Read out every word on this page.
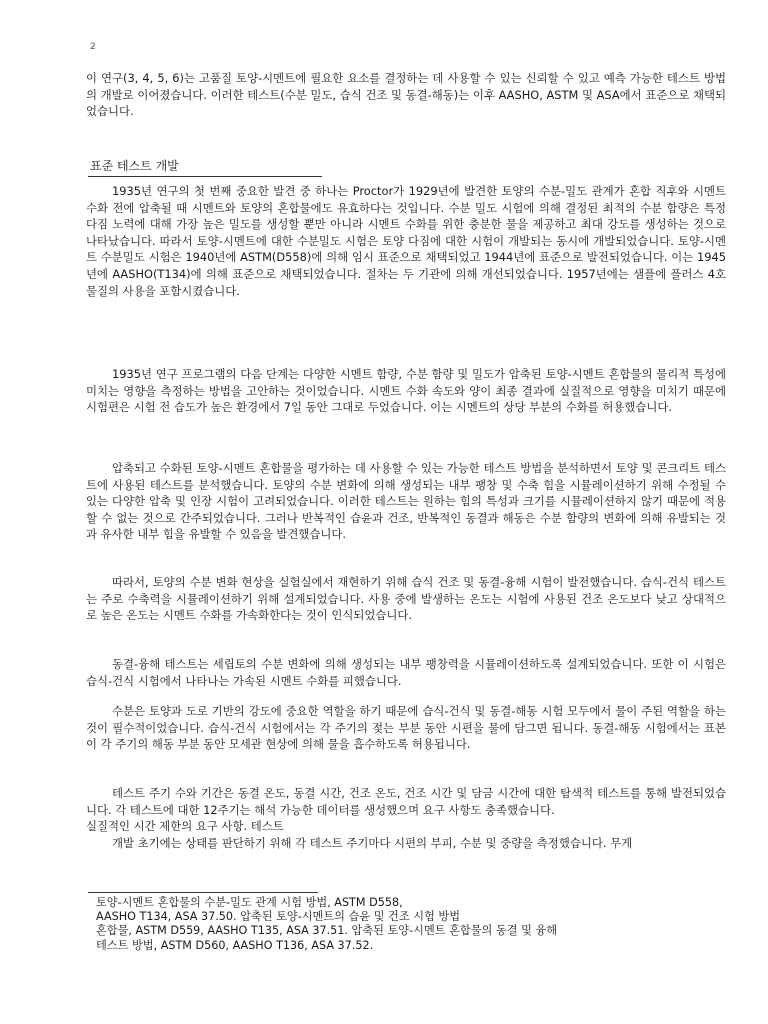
2

이 연구(3, 4, 5, 6)는 고품질 토양-시멘트에 필요한 요소를 결정하는 데 사용할 수 있는 신뢰할 수 있고 예측 가능한 테스트 방법의 개발로 이어졌습니다. 이러한 테스트(수분 밀도, 습식 건조 및 동결-해동)는 이후 AASHO, ASTM 및 ASA에서 표준으로 채택되었습니다.

표준 테스트 개발

1935년 연구의 첫 번째 중요한 발견 중 하나는 Proctor가 1929년에 발견한 토양의 수분-밀도 관계가 혼합 직후와 시멘트 수화 전에 압축될 때 시멘트와 토양의 혼합물에도 유효하다는 것입니다. 수분 밀도 시험에 의해 결정된 최적의 수분 함량은 특정 다짐 노력에 대해 가장 높은 밀도를 생성할 뿐만 아니라 시멘트 수화를 위한 충분한 물을 제공하고 최대 강도를 생성하는 것으로 나타났습니다. 따라서 토양-시멘트에 대한 수분밀도 시험은 토양 다짐에 대한 시험이 개발되는 동시에 개발되었습니다. 토양-시멘트 수분밀도 시험은 1940년에 ASTM(D558)에 의해 임시 표준으로 채택되었고 1944년에 표준으로 발전되었습니다. 이는 1945년에 AASHO(T134)에 의해 표준으로 채택되었습니다. 절차는 두 기관에 의해 개선되었습니다. 1957년에는 샘플에 플러스 4호 물질의 사용을 포함시켰습니다.

1935년 연구 프로그램의 다음 단계는 다양한 시멘트 함량, 수분 함량 및 밀도가 압축된 토양-시멘트 혼합물의 물리적 특성에 미치는 영향을 측정하는 방법을 고안하는 것이었습니다. 시멘트 수화 속도와 양이 최종 결과에 실질적으로 영향을 미치기 때문에 시험편은 시험 전 습도가 높은 환경에서 7일 동안 그대로 두었습니다. 이는 시멘트의 상당 부분의 수화를 허용했습니다.

압축되고 수화된 토양-시멘트 혼합물을 평가하는 데 사용할 수 있는 가능한 테스트 방법을 분석하면서 토양 및 콘크리트 테스트에 사용된 테스트를 분석했습니다. 토양의 수분 변화에 의해 생성되는 내부 팽창 및 수축 힘을 시뮬레이션하기 위해 수정될 수 있는 다양한 압축 및 인장 시험이 고려되었습니다. 이러한 테스트는 원하는 힘의 특성과 크기를 시뮬레이션하지 않기 때문에 적용할 수 없는 것으로 간주되었습니다. 그러나 반복적인 습윤과 건조, 반복적인 동결과 해동은 수분 함량의 변화에 의해 유발되는 것과 유사한 내부 힘을 유발할 수 있음을 발견했습니다.

따라서, 토양의 수분 변화 현상을 실험실에서 재현하기 위해 습식 건조 및 동결-융해 시험이 발전했습니다. 습식-건식 테스트는 주로 수축력을 시뮬레이션하기 위해 설계되었습니다. 사용 중에 발생하는 온도는 시험에 사용된 건조 온도보다 낮고 상대적으로 높은 온도는 시멘트 수화를 가속화한다는 것이 인식되었습니다.

동결-융해 테스트는 세립토의 수분 변화에 의해 생성되는 내부 팽창력을 시뮬레이션하도록 설계되었습니다. 또한 이 시험은 습식-건식 시험에서 나타나는 가속된 시멘트 수화를 피했습니다.

수분은 토양과 도로 기반의 강도에 중요한 역할을 하기 때문에 습식-건식 및 동결-해동 시험 모두에서 물이 주된 역할을 하는 것이 필수적이었습니다. 습식-건식 시험에서는 각 주기의 젖는 부분 동안 시편을 물에 담그면 됩니다. 동결-해동 시험에서는 표본이 각 주기의 해동 부분 동안 모세관 현상에 의해 물을 흡수하도록 허용됩니다.

테스트 주기 수와 기간은 동결 온도, 동결 시간, 건조 온도, 건조 시간 및 담금 시간에 대한 탐색적 테스트를 통해 발전되었습니다. 각 테스트에 대한 12주기는 해석 가능한 데이터를 생성했으며 요구 사항도 충족했습니다.

실질적인 시간 제한의 요구 사항. 테스트

개발 초기에는 상태를 판단하기 위해 각 테스트 주기마다 시편의 부피, 수분 및 중량을 측정했습니다. 무게

토양-시멘트 혼합물의 수분-밀도 관계 시험 방법, ASTM D558,

AASHO T134, ASA 37.50. 압축된 토양-시멘트의 습윤 및 건조 시험 방법

혼합물, ASTM D559, AASHO T135, ASA 37.51. 압축된 토양-시멘트 혼합물의 동결 및 융해

테스트 방법, ASTM D560, AASHO T136, ASA 37.52.
